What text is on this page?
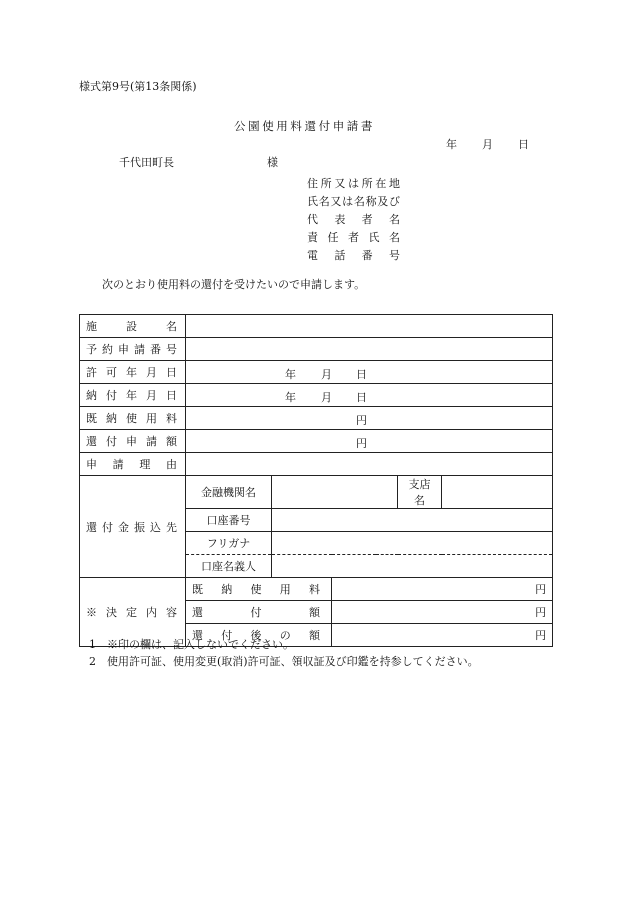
様式第9号(第13条関係)
公園使用料還付申請書
年 月 日
千代田町長	様
住所又は所在地
氏名又は名称及び
代表者名
責任者氏名
電話番号
次のとおり使用料の還付を受けたいので申請します。
施設名					

予約申請番号					

許可年月日	年 月 日				

納付年月日	年 月 日				

既納使用料	円				

還付申請額	円				

申請理由					

還付金振込先	金融機関名			支店名	
	口座番号				
	フリガナ				
	口座名義人				

※決定内容	既納使用料		円		

	還付額		円		

	還付後の額		円		
1 ※印の欄は、記入しないでください。
2 使用許可証、使用変更(取消)許可証、領収証及び印鑑を持参してください。
